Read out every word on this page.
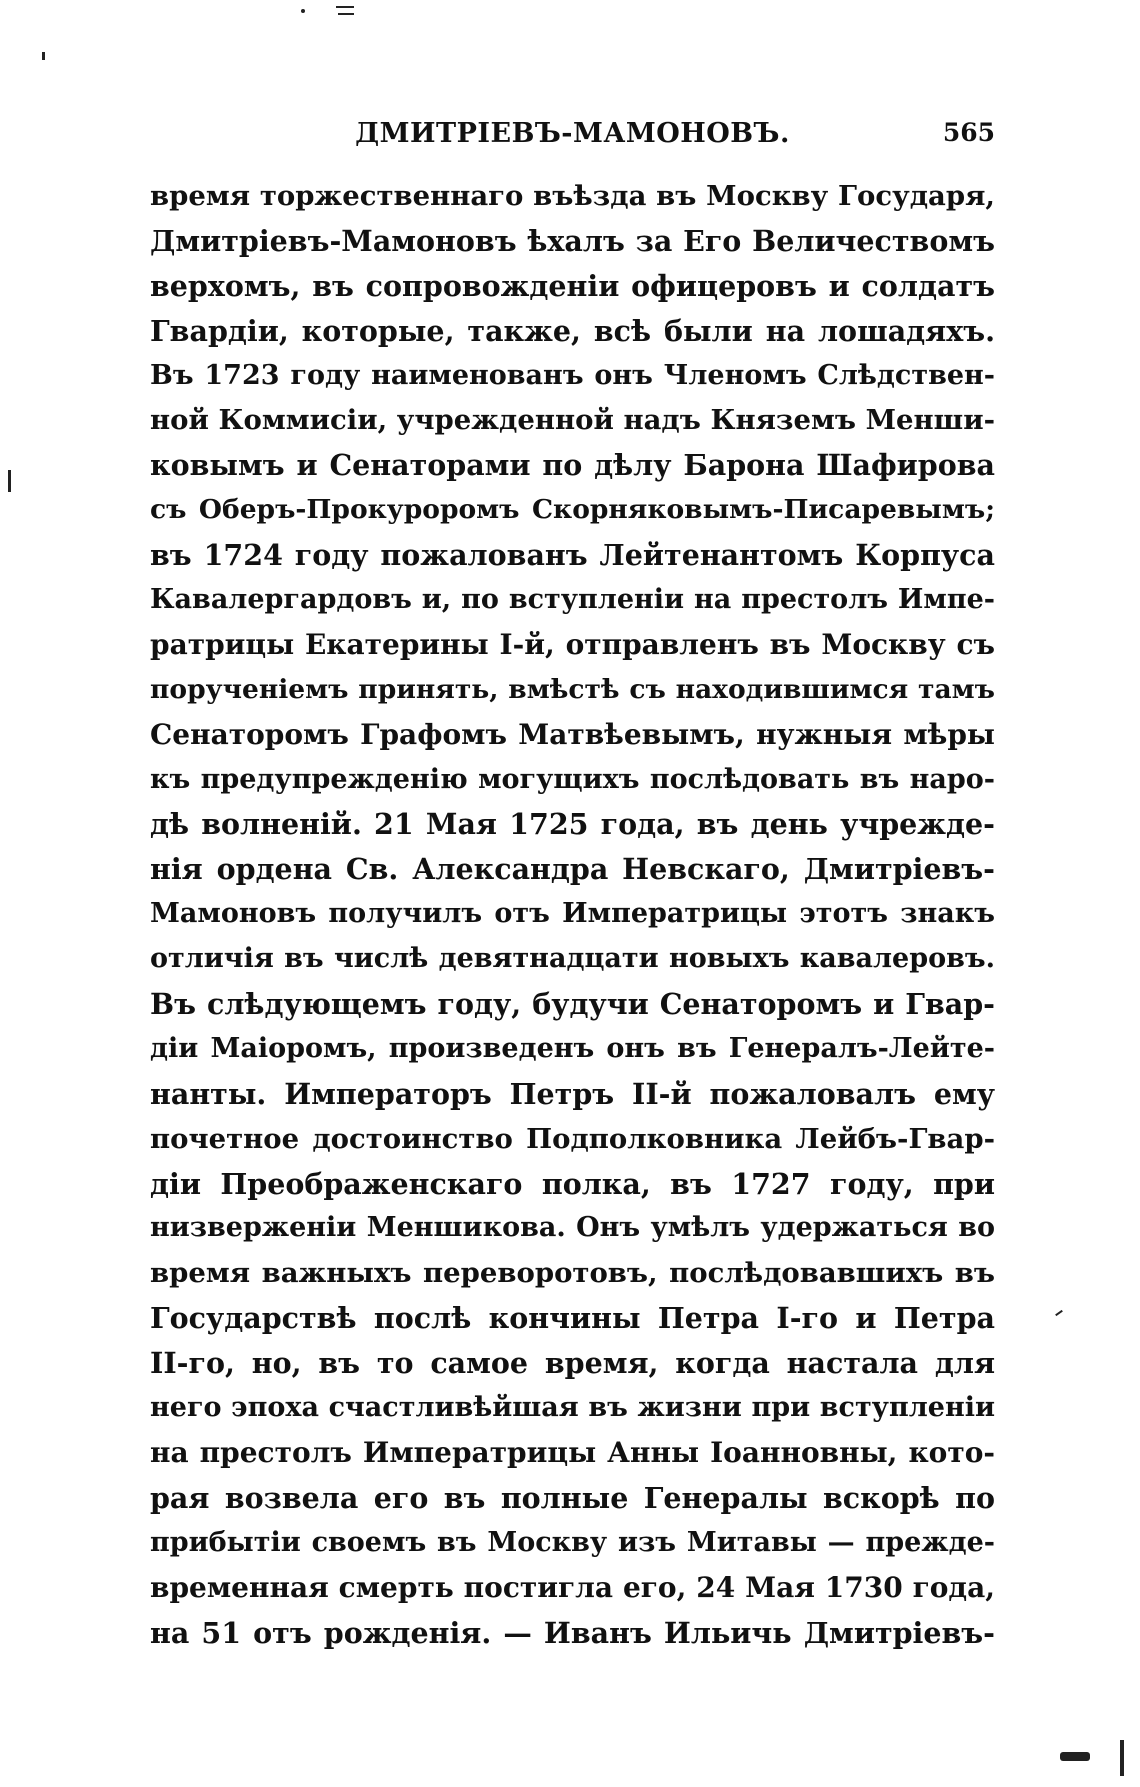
ДМИТРІЕВЪ-МАМОНОВЪ.	565
время торжественнаго въѣзда въ Москву Государя,
Дмитріевъ-Мамоновъ ѣхалъ за Его Величествомъ
верхомъ, въ сопровожденіи офицеровъ и солдатъ
Гвардіи, которые, также, всѣ были на лошадяхъ.
Въ 1723 году наименованъ онъ Членомъ Слѣдствен-
ной Коммисіи, учрежденной надъ Княземъ Менши-
ковымъ и Сенаторами по дѣлу Барона Шафирова
съ Оберъ-Прокуроромъ Скорняковымъ-Писаревымъ;
въ 1724 году пожалованъ Лейтенантомъ Корпуса
Кавалергардовъ и, по вступленіи на престолъ Импе-
ратрицы Екатерины I-й, отправленъ въ Москву съ
порученіемъ принять, вмѣстѣ съ находившимся тамъ
Сенаторомъ Графомъ Матвѣевымъ, нужныя мѣры
къ предупрежденію могущихъ послѣдовать въ наро-
дѣ волненій. 21 Мая 1725 года, въ день учрежде-
нія ордена Св. Александра Невскаго, Дмитріевъ-
Мамоновъ получилъ отъ Императрицы этотъ знакъ
отличія въ числѣ девятнадцати новыхъ кавалеровъ.
Въ слѣдующемъ году, будучи Сенаторомъ и Гвар-
діи Маіоромъ, произведенъ онъ въ Генералъ-Лейте-
нанты. Императоръ Петръ II-й пожаловалъ ему
почетное достоинство Подполковника Лейбъ-Гвар-
діи Преображенскаго полка, въ 1727 году, при
низверженіи Меншикова. Онъ умѣлъ удержаться во
время важныхъ переворотовъ, послѣдовавшихъ въ
Государствѣ послѣ кончины Петра I-го и Петра
II-го, но, въ то самое время, когда настала для
него эпоха счастливѣйшая въ жизни при вступленіи
на престолъ Императрицы Анны Іоанновны, кото-
рая возвела его въ полные Генералы вскорѣ по
прибытіи своемъ въ Москву изъ Митавы — прежде-
временная смерть постигла его, 24 Мая 1730 года,
на 51 отъ рожденія. — Иванъ Ильичь Дмитріевъ-
